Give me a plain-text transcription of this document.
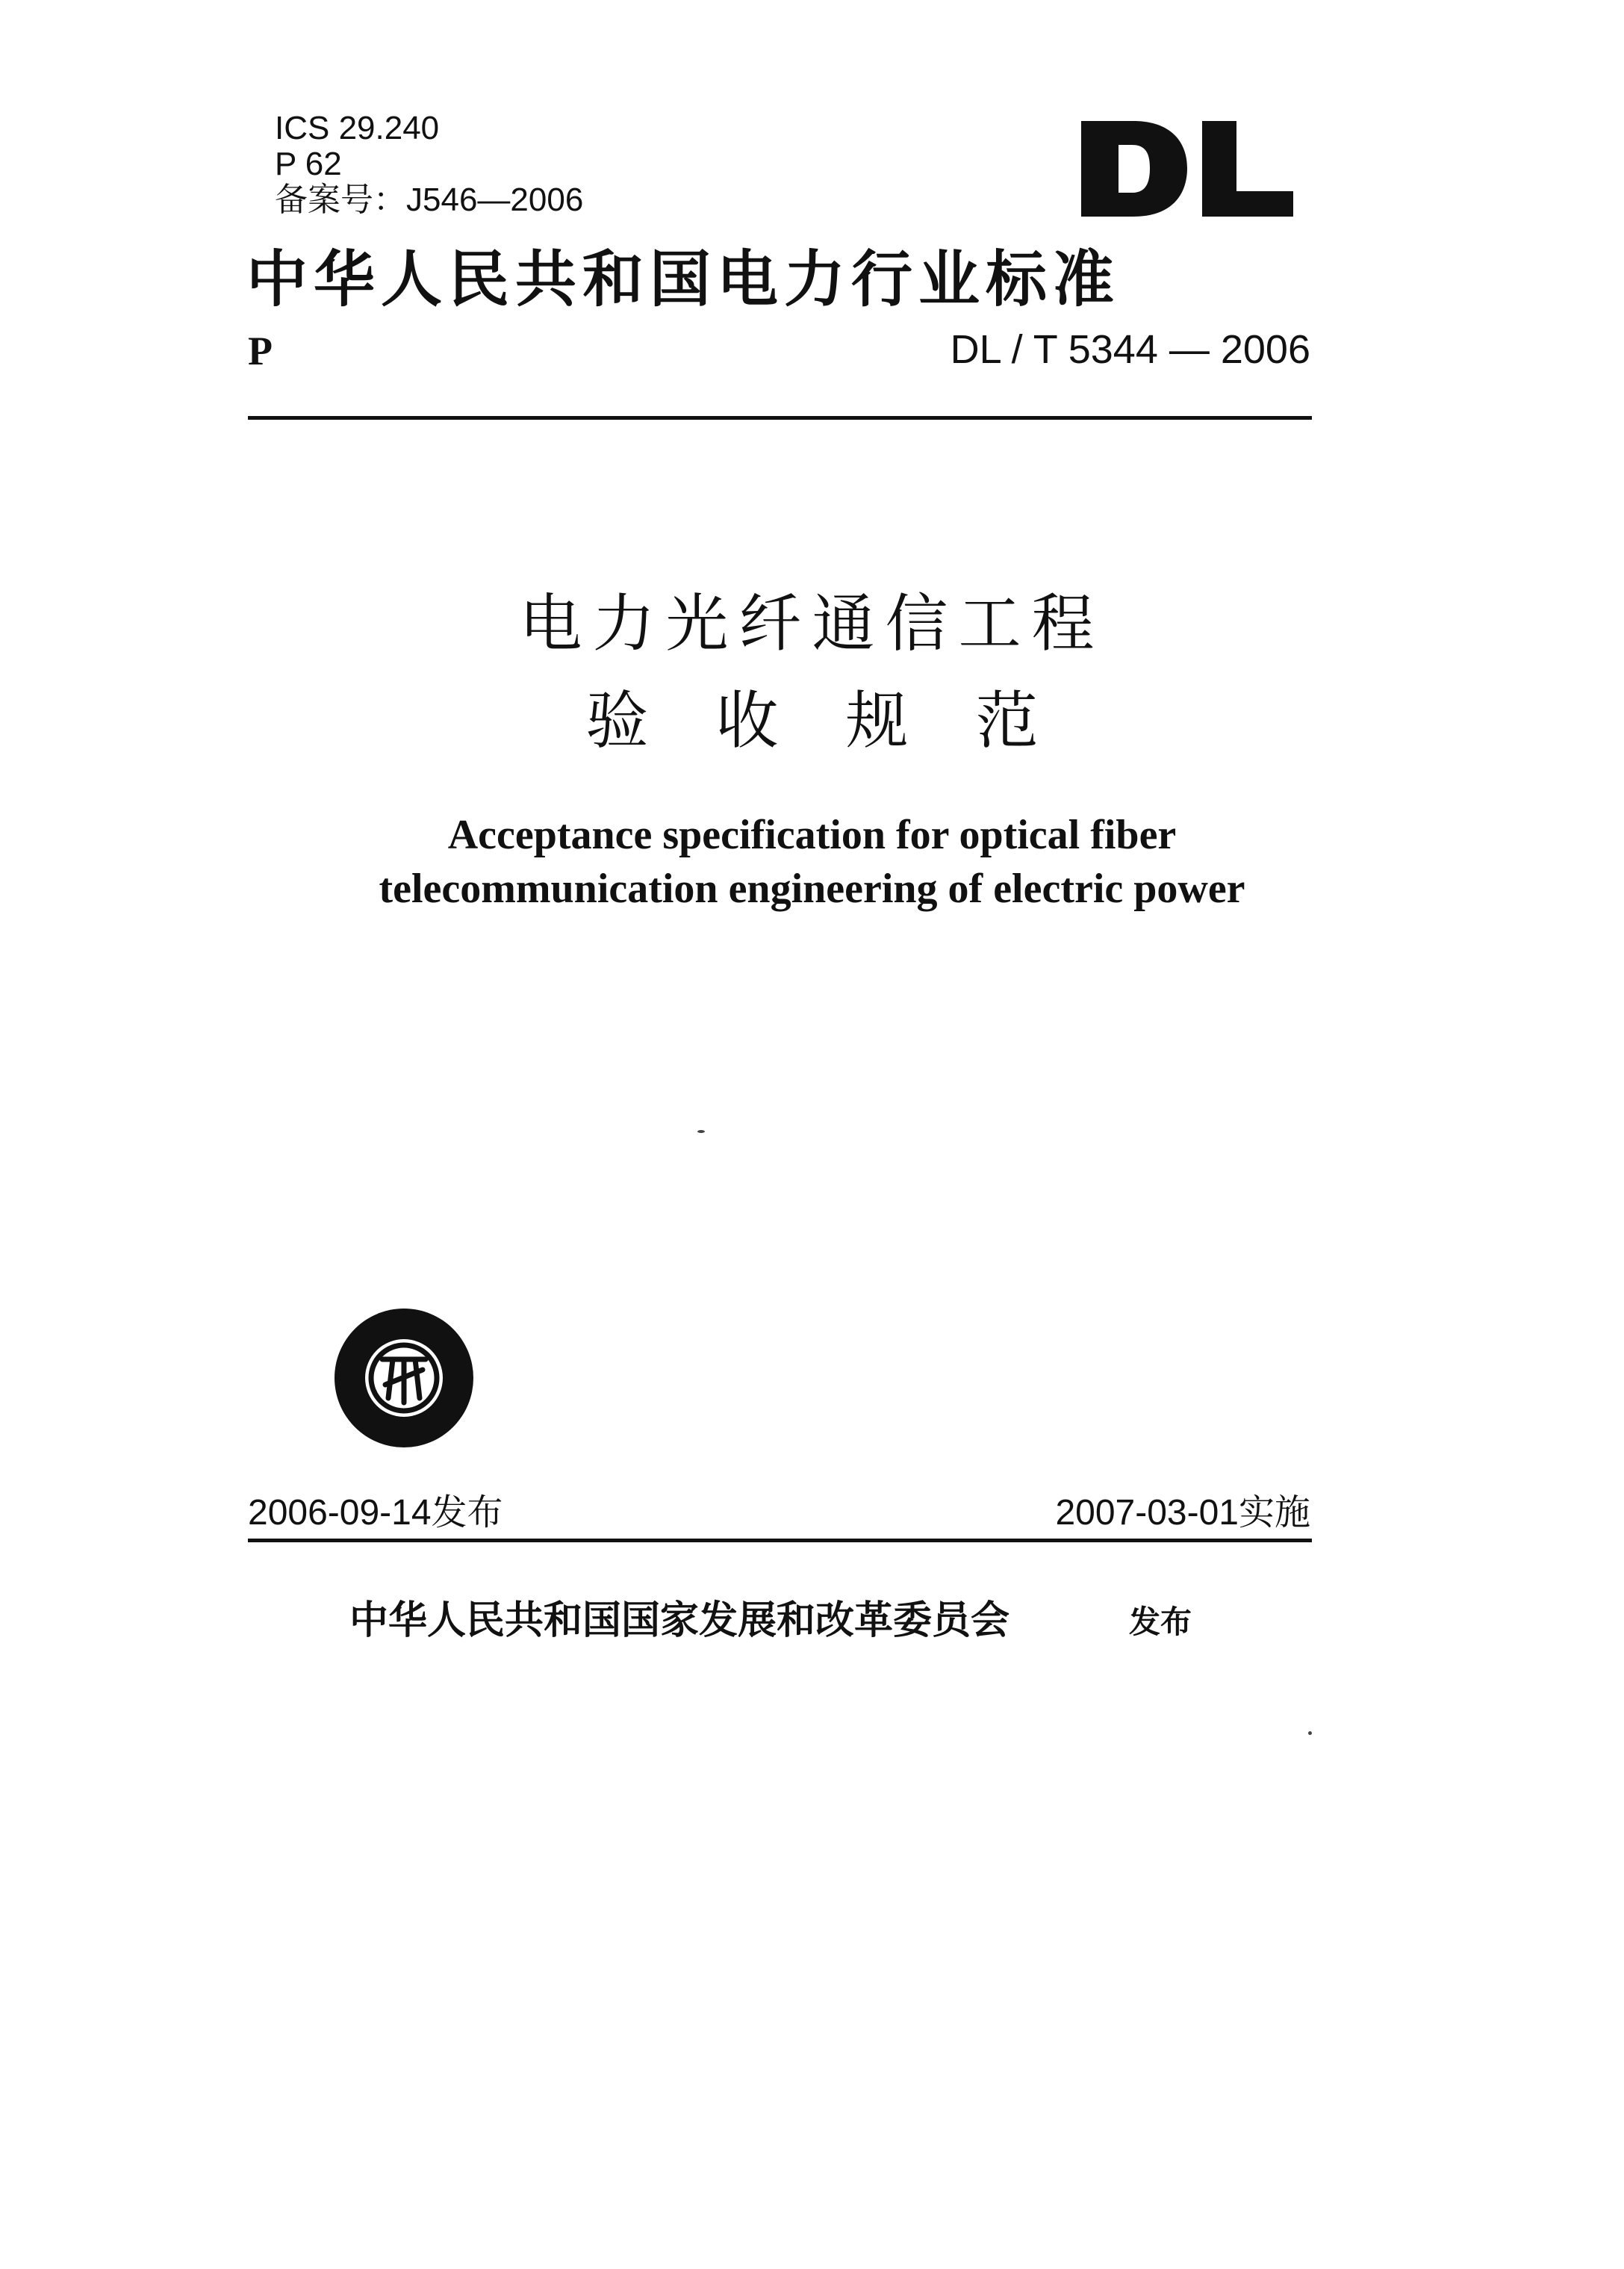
ICS 29.240
P 62
备案号：J546—2006
中华人民共和国电力行业标准
P	DL / T 5344 — 2006
电力光纤通信工程
验收规范
Acceptance specification for optical fiber
telecommunication engineering of electric power
2006-09-14发布	2007-03-01实施
中华人民共和国国家发展和改革委员会	发布
